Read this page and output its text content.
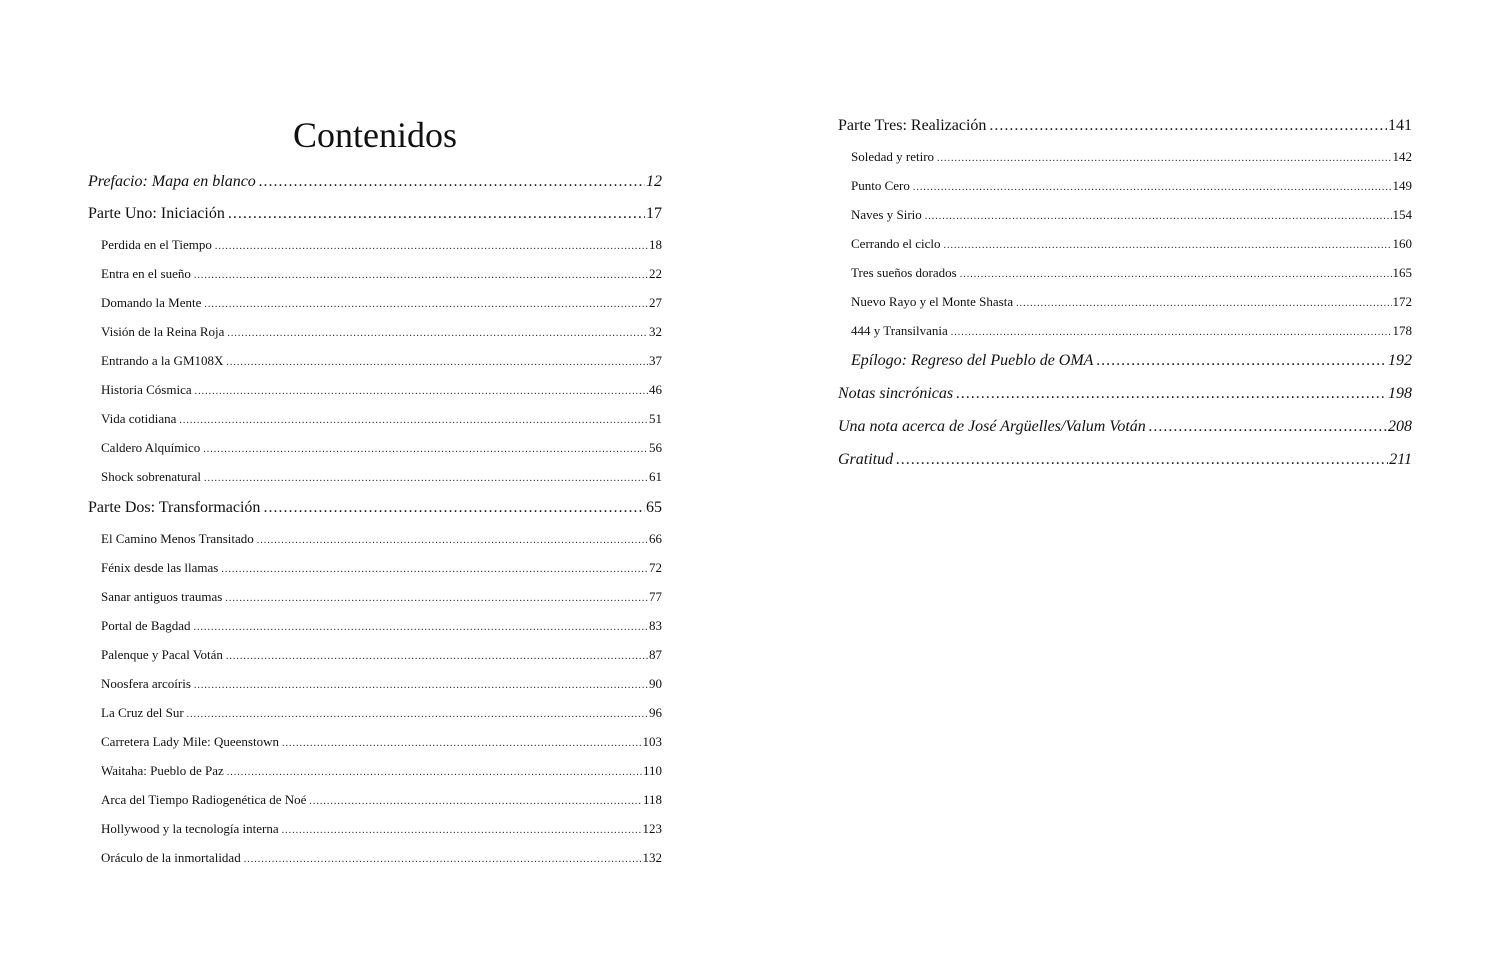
Contenidos
Prefacio: Mapa en blanco .....	12
Parte Uno: Iniciación .....	17
Perdida en el Tiempo .....	18
Entra en el sueño .....	22
Domando la Mente .....	27
Visión de la Reina Roja .....	32
Entrando a la GM108X .....	37
Historia Cósmica .....	46
Vida cotidiana .....	51
Caldero Alquímico .....	56
Shock sobrenatural .....	61
Parte Dos: Transformación .....	65
El Camino Menos Transitado .....	66
Fénix desde las llamas .....	72
Sanar antiguos traumas .....	77
Portal de Bagdad .....	83
Palenque y Pacal Votán .....	87
Noosfera arcoíris .....	90
La Cruz del Sur .....	96
Carretera Lady Mile: Queenstown .....	103
Waitaha: Pueblo de Paz .....	110
Arca del Tiempo Radiogenética de Noé .....	118
Hollywood y la tecnología interna .....	123
Oráculo de la inmortalidad .....	132
Parte Tres: Realización .....	141
Soledad y retiro .....	142
Punto Cero .....	149
Naves y Sirio .....	154
Cerrando el ciclo .....	160
Tres sueños dorados .....	165
Nuevo Rayo y el Monte Shasta .....	172
444 y Transilvania .....	178
Epílogo: Regreso del Pueblo de OMA .....	192
Notas sincrónicas .....	198
Una nota acerca de José Argüelles/Valum Votán .....	208
Gratitud .....	211
